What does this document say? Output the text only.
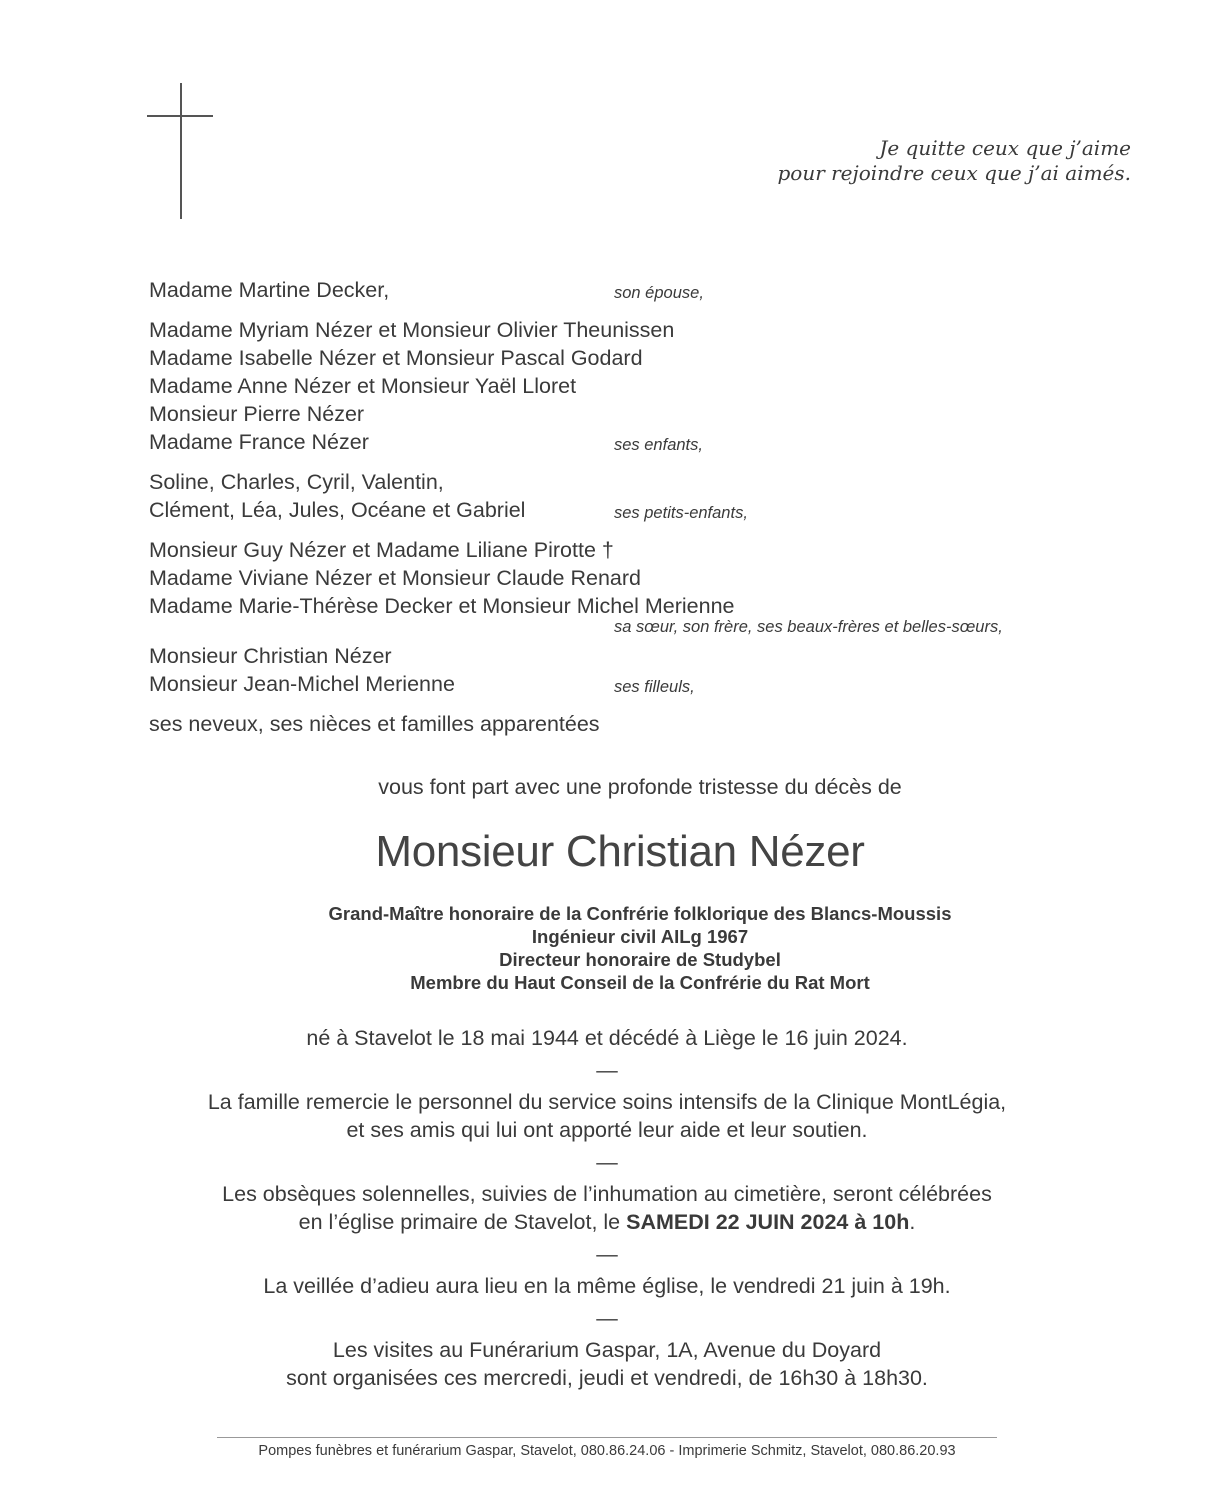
Je quitte ceux que j’aime
pour rejoindre ceux que j’ai aimés.
Madame Martine Decker,	son épouse,
Madame Myriam Nézer et Monsieur Olivier Theunissen
Madame Isabelle Nézer et Monsieur Pascal Godard
Madame Anne Nézer et Monsieur Yaël Lloret
Monsieur Pierre Nézer
Madame France Nézer	ses enfants,
Soline, Charles, Cyril, Valentin,
Clément, Léa, Jules, Océane et Gabriel	ses petits-enfants,
Monsieur Guy Nézer et Madame Liliane Pirotte †
Madame Viviane Nézer et Monsieur Claude Renard
Madame Marie-Thérèse Decker et Monsieur Michel Merienne
sa sœur, son frère, ses beaux-frères et belles-sœurs,
Monsieur Christian Nézer
Monsieur Jean-Michel Merienne	ses filleuls,
ses neveux, ses nièces et familles apparentées
vous font part avec une profonde tristesse du décès de
Monsieur Christian Nézer
Grand-Maître honoraire de la Confrérie folklorique des Blancs-Moussis
Ingénieur civil AILg 1967
Directeur honoraire de Studybel
Membre du Haut Conseil de la Confrérie du Rat Mort

né à Stavelot le 18 mai 1944 et décédé à Liège le 16 juin 2024.

—

La famille remercie le personnel du service soins intensifs de la Clinique MontLégia,

et ses amis qui lui ont apporté leur aide et leur soutien.

—

Les obsèques solennelles, suivies de l’inhumation au cimetière, seront célébrées

en l’église primaire de Stavelot, le SAMEDI 22 JUIN 2024 à 10h.

—

La veillée d’adieu aura lieu en la même église, le vendredi 21 juin à 19h.

—

Les visites au Funérarium Gaspar, 1A, Avenue du Doyard

sont organisées ces mercredi, jeudi et vendredi, de 16h30 à 18h30.

Pompes funèbres et funérarium Gaspar, Stavelot, 080.86.24.06 - Imprimerie Schmitz, Stavelot, 080.86.20.93
